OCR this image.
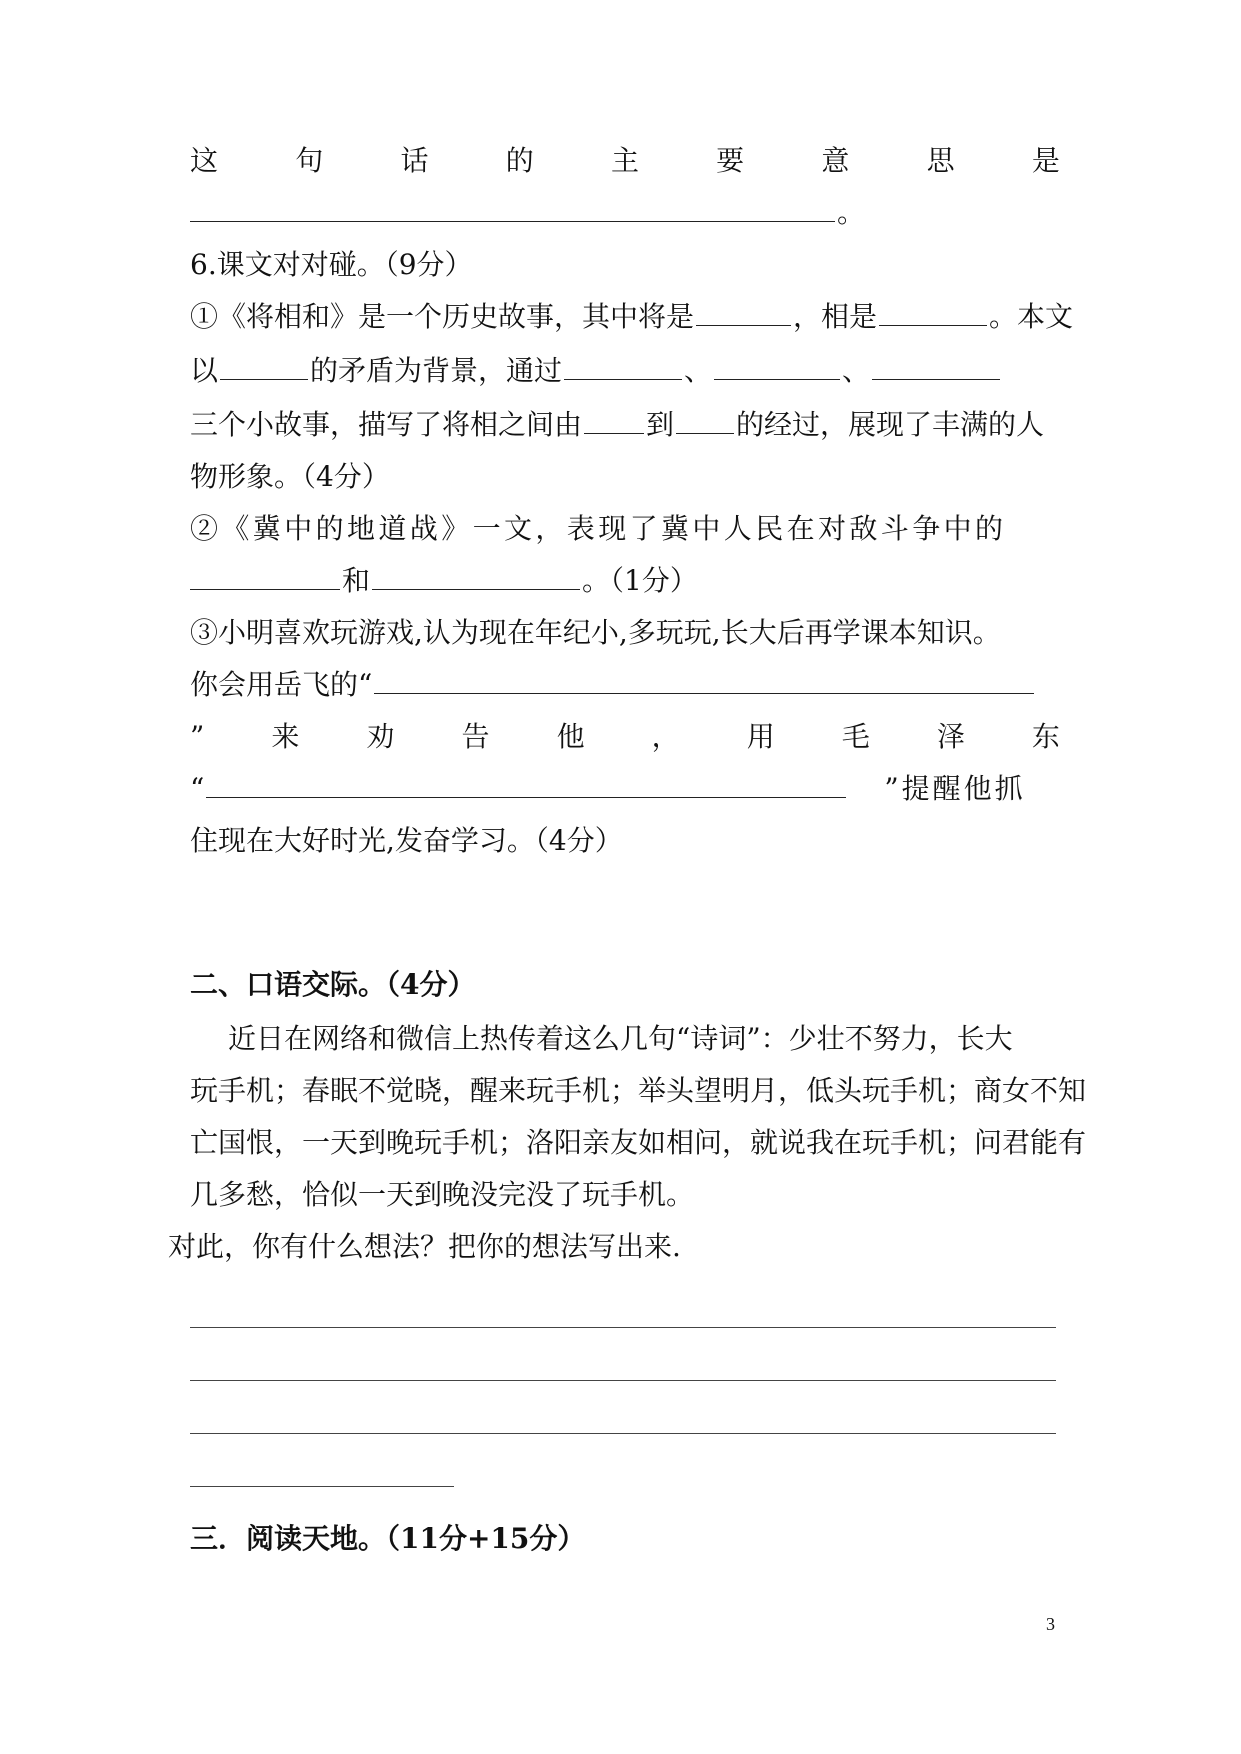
这	句	话	的	主	要	意	思	是
。
6.课文对对碰。（9分）
①《将相和》是一个历史故事，其中将是	，相是	。本文
以	的矛盾为背景，通过	、	、
三个小故事，描写了将相之间由 到 的经过，展现了丰满的人
物形象。（4分）
②《冀中的地道战》一文，表现了冀中人民在对敌斗争中的
和	。（1分）
③小明喜欢玩游戏,认为现在年纪小,多玩玩,长大后再学课本知识。
你会用岳飞的“
” 来 劝 告 他 ， 用 毛 泽 东
“	”提醒他抓
住现在大好时光,发奋学习。（4分）
二、口语交际。（4分）
近日在网络和微信上热传着这么几句“诗词”：少壮不努力，长大
玩手机；春眠不觉晓，醒来玩手机；举头望明月，低头玩手机；商女不知
亡国恨，一天到晚玩手机；洛阳亲友如相问，就说我在玩手机；问君能有
几多愁，恰似一天到晚没完没了玩手机。
对此，你有什么想法？把你的想法写出来.
三．阅读天地。（11分+15分）
3
